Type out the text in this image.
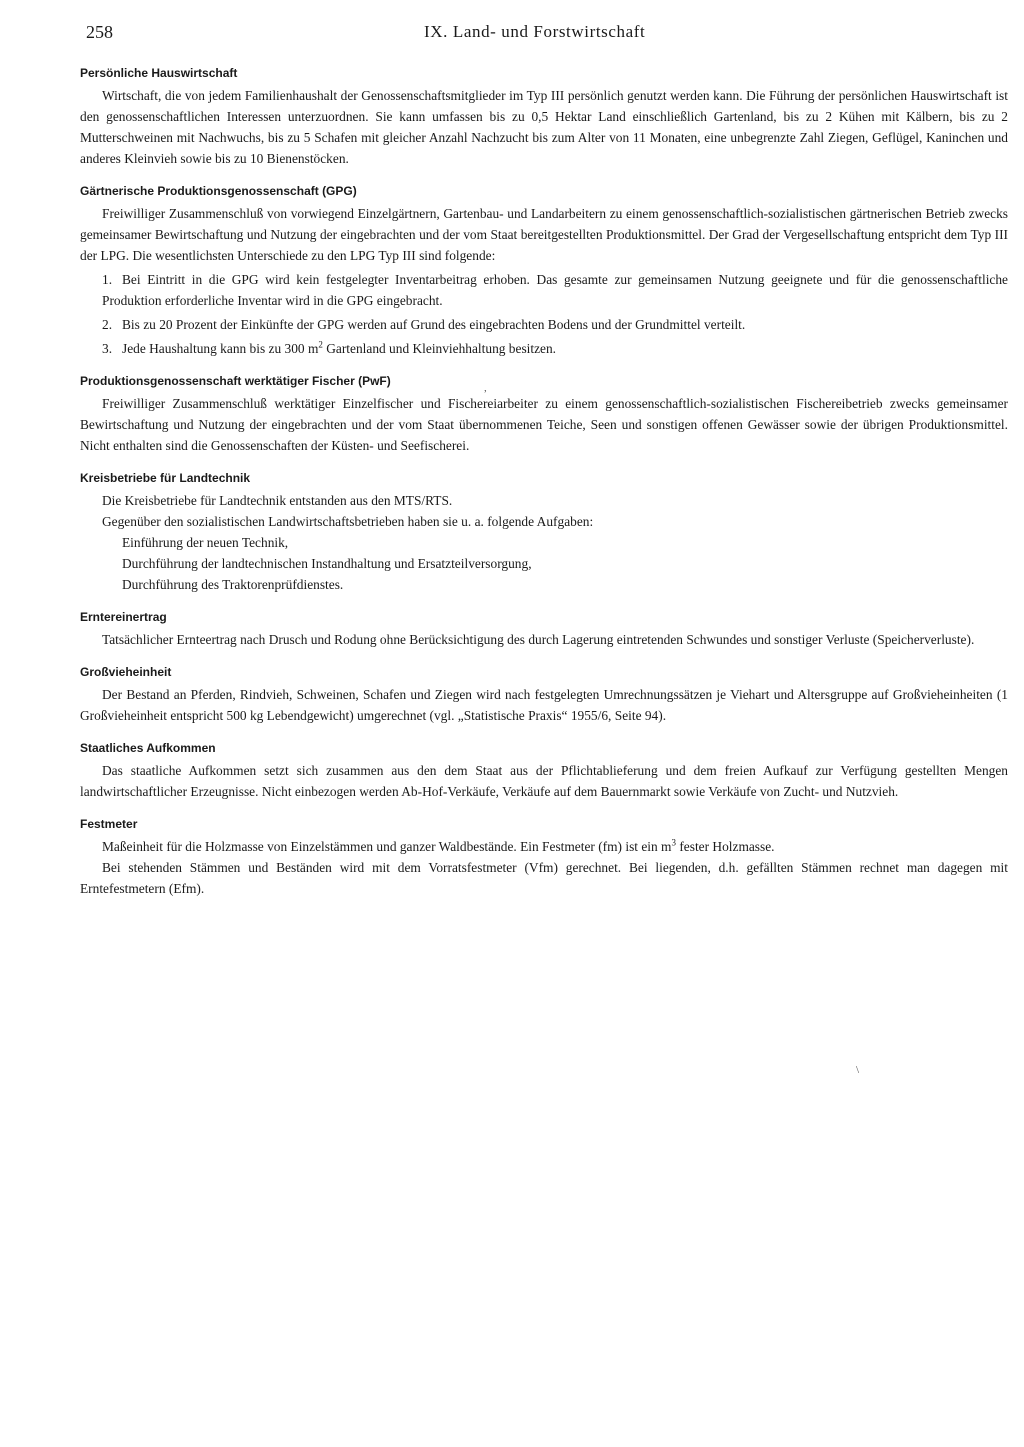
258	IX. Land- und Forstwirtschaft
Persönliche Hauswirtschaft

Wirtschaft, die von jedem Familienhaushalt der Genossenschaftsmitglieder im Typ III persönlich genutzt werden kann. Die Führung der persönlichen Hauswirtschaft ist den genossenschaftlichen Interessen unterzuordnen. Sie kann umfassen bis zu 0,5 Hektar Land einschließlich Gartenland, bis zu 2 Kühen mit Kälbern, bis zu 2 Mutterschweinen mit Nachwuchs, bis zu 5 Schafen mit gleicher Anzahl Nachzucht bis zum Alter von 11 Monaten, eine unbegrenzte Zahl Ziegen, Geflügel, Kaninchen und anderes Kleinvieh sowie bis zu 10 Bienenstöcken.

Gärtnerische Produktionsgenossenschaft (GPG)

Freiwilliger Zusammenschluß von vorwiegend Einzelgärtnern, Gartenbau- und Landarbeitern zu einem genossenschaftlich-sozialistischen gärtnerischen Betrieb zwecks gemeinsamer Bewirtschaftung und Nutzung der eingebrachten und der vom Staat bereitgestellten Produktionsmittel. Der Grad der Vergesellschaftung entspricht dem Typ III der LPG. Die wesentlichsten Unterschiede zu den LPG Typ III sind folgende:

1. Bei Eintritt in die GPG wird kein festgelegter Inventarbeitrag erhoben. Das gesamte zur gemeinsamen Nutzung geeignete und für die genossenschaftliche Produktion erforderliche Inventar wird in die GPG eingebracht.

2. Bis zu 20 Prozent der Einkünfte der GPG werden auf Grund des eingebrachten Bodens und der Grundmittel verteilt.

3. Jede Haushaltung kann bis zu 300 $m^2$ Gartenland und Kleinviehhaltung besitzen.

Produktionsgenossenschaft werktätiger Fischer (PwF)

Freiwilliger Zusammenschluß werktätiger Einzelfischer und Fischereiarbeiter zu einem genossenschaftlich-sozialistischen Fischereibetrieb zwecks gemeinsamer Bewirtschaftung und Nutzung der eingebrachten und der vom Staat übernommenen Teiche, Seen und sonstigen offenen Gewässer sowie der übrigen Produktionsmittel. Nicht enthalten sind die Genossenschaften der Küsten- und Seefischerei.

Kreisbetriebe für Landtechnik

Die Kreisbetriebe für Landtechnik entstanden aus den MTS/RTS.

Gegenüber den sozialistischen Landwirtschaftsbetrieben haben sie u. a. folgende Aufgaben:

Einführung der neuen Technik,

Durchführung der landtechnischen Instandhaltung und Ersatzteilversorgung,

Durchführung des Traktorenprüfdienstes.

Erntereinertrag

Tatsächlicher Ernteertrag nach Drusch und Rodung ohne Berücksichtigung des durch Lagerung eintretenden Schwundes und sonstiger Verluste (Speicherverluste).

Großvieheinheit

Der Bestand an Pferden, Rindvieh, Schweinen, Schafen und Ziegen wird nach festgelegten Umrechnungssätzen je Viehart und Altersgruppe auf Großvieheinheiten (1 Großvieheinheit entspricht 500 kg Lebendgewicht) umgerechnet (vgl. „Statistische Praxis“ 1955/6, Seite 94).

Staatliches Aufkommen

Das staatliche Aufkommen setzt sich zusammen aus den dem Staat aus der Pflichtablieferung und dem freien Aufkauf zur Verfügung gestellten Mengen landwirtschaftlicher Erzeugnisse. Nicht einbezogen werden Ab-Hof-Verkäufe, Verkäufe auf dem Bauernmarkt sowie Verkäufe von Zucht- und Nutzvieh.

Festmeter

Maßeinheit für die Holzmasse von Einzelstämmen und ganzer Waldbestände. Ein Festmeter (fm) ist ein $m^3$ fester Holzmasse.

Bei stehenden Stämmen und Beständen wird mit dem Vorratsfestmeter (Vfm) gerechnet. Bei liegenden, d.h. gefällten Stämmen rechnet man dagegen mit Erntefestmetern (Efm).

,
\
